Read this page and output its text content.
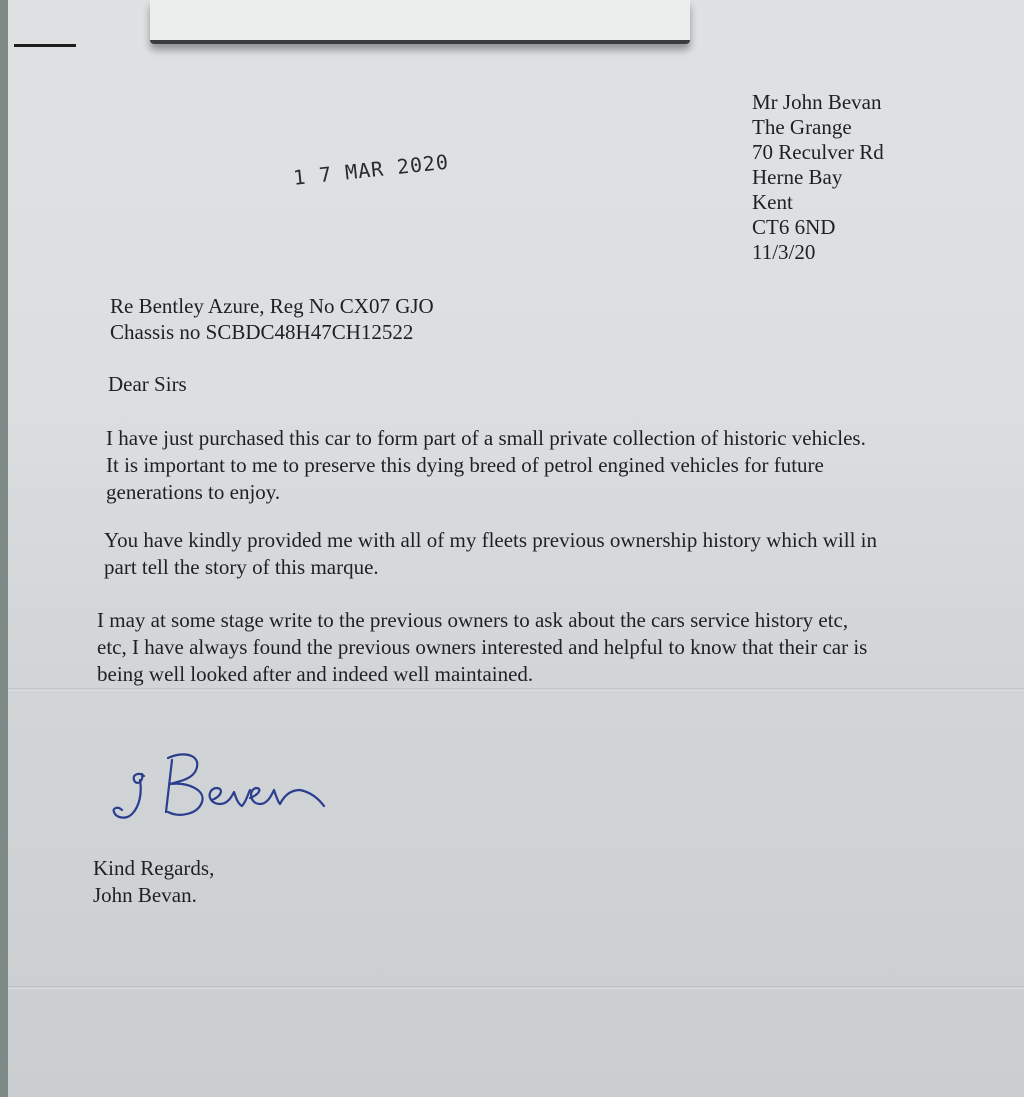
1 7 MAR 2020
Mr John Bevan
The Grange
70 Reculver Rd
Herne Bay
Kent
CT6 6ND
11/3/20
Re Bentley Azure, Reg No CX07 GJO
Chassis no SCBDC48H47CH12522
Dear Sirs
I have just purchased this car to form part of a small private collection of historic vehicles.
It is important to me to preserve this dying breed of petrol engined vehicles for future
generations to enjoy.
You have kindly provided me with all of my fleets previous ownership history which will in
part tell the story of this marque.
I may at some stage write to the previous owners to ask about the cars service history etc,
etc, I have always found the previous owners interested and helpful to know that their car is
being well looked after and indeed well maintained.
Kind Regards,
John Bevan.
